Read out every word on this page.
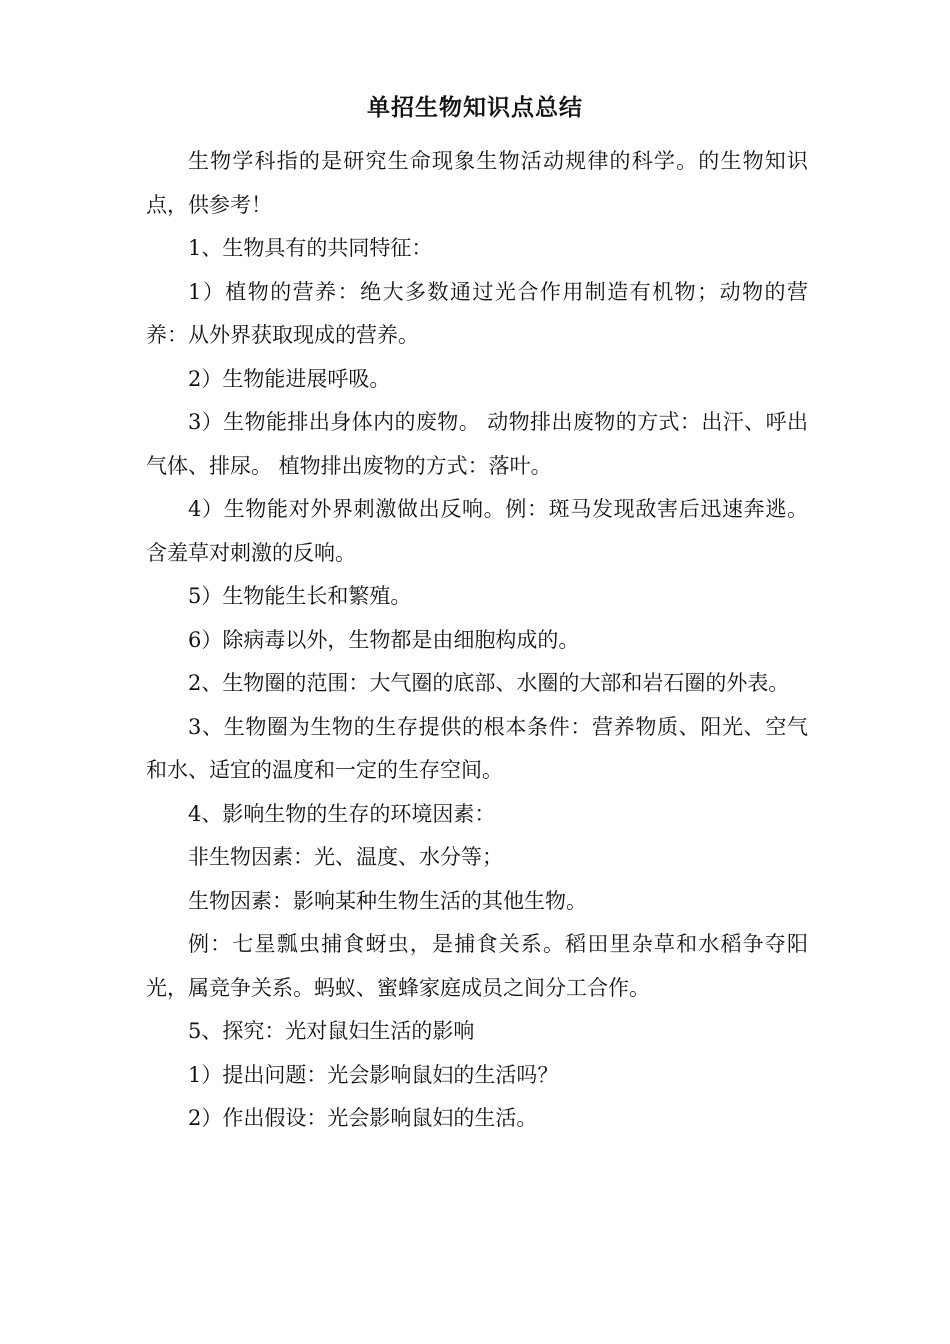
单招生物知识点总结

生物学科指的是研究生命现象生物活动规律的科学。的生物知识点，供参考！

1、生物具有的共同特征：

1）植物的营养：绝大多数通过光合作用制造有机物；动物的营养：从外界获取现成的营养。

2）生物能进展呼吸。

3）生物能排出身体内的废物。 动物排出废物的方式：出汗、呼出气体、排尿。 植物排出废物的方式：落叶。

4）生物能对外界刺激做出反响。例：斑马发现敌害后迅速奔逃。含羞草对刺激的反响。

5）生物能生长和繁殖。

6）除病毒以外，生物都是由细胞构成的。

2、生物圈的范围：大气圈的底部、水圈的大部和岩石圈的外表。

3、生物圈为生物的生存提供的根本条件：营养物质、阳光、空气和水、适宜的温度和一定的生存空间。

4、影响生物的生存的环境因素：

非生物因素：光、温度、水分等；

生物因素：影响某种生物生活的其他生物。

例：七星瓢虫捕食蚜虫，是捕食关系。稻田里杂草和水稻争夺阳光，属竞争关系。蚂蚁、蜜蜂家庭成员之间分工合作。

5、探究：光对鼠妇生活的影响

1）提出问题：光会影响鼠妇的生活吗？

2）作出假设：光会影响鼠妇的生活。
